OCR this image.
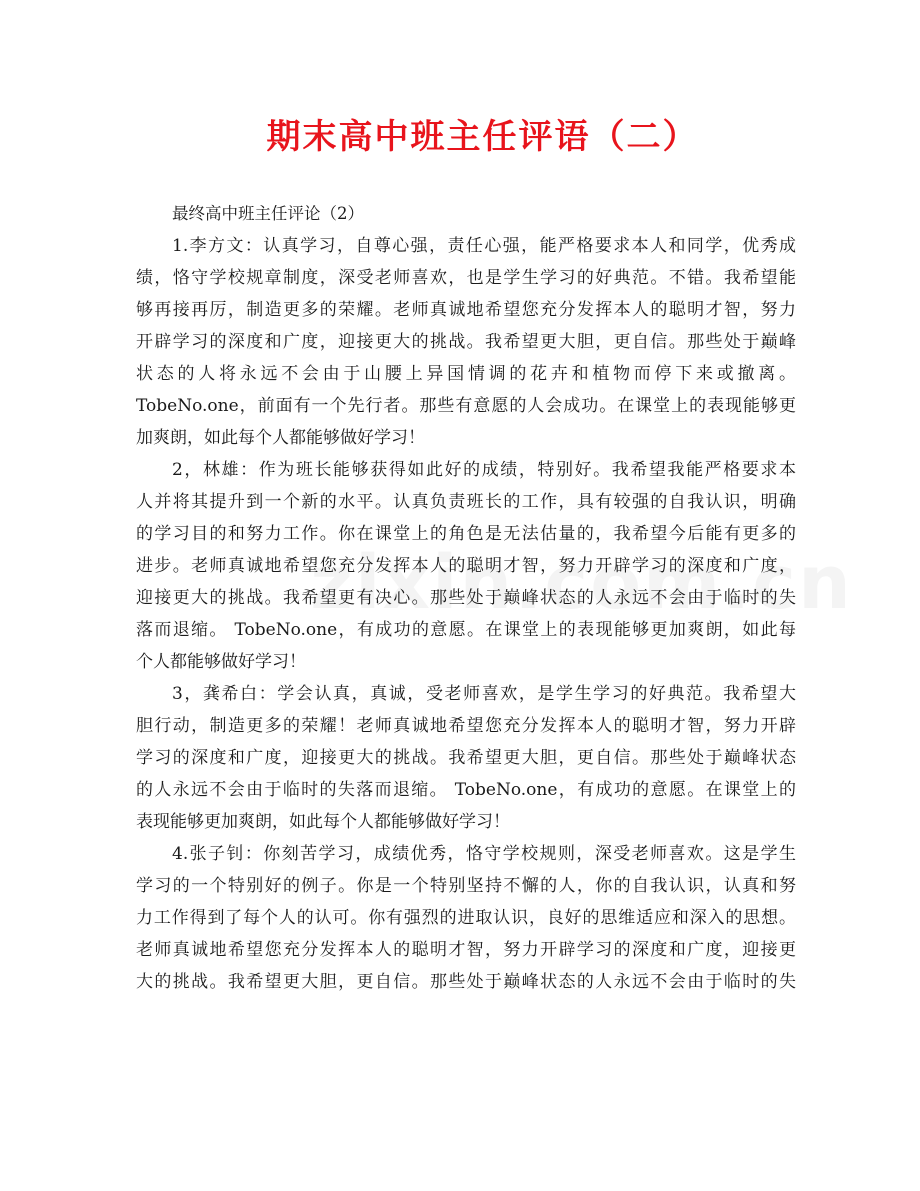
期末高中班主任评语（二）

最终高中班主任评论（2）

1.李方文：认真学习，自尊心强，责任心强，能严格要求本人和同学，优秀成
绩，恪守学校规章制度，深受老师喜欢，也是学生学习的好典范。不错。我希望能
够再接再厉，制造更多的荣耀。老师真诚地希望您充分发挥本人的聪明才智，努力
开辟学习的深度和广度，迎接更大的挑战。我希望更大胆，更自信。那些处于巅峰
状态的人将永远不会由于山腰上异国情调的花卉和植物而停下来或撤离。
TobeNo.one，前面有一个先行者。那些有意愿的人会成功。在课堂上的表现能够更
加爽朗，如此每个人都能够做好学习！
2，林雄：作为班长能够获得如此好的成绩，特别好。我希望我能严格要求本
人并将其提升到一个新的水平。认真负责班长的工作，具有较强的自我认识，明确
的学习目的和努力工作。你在课堂上的角色是无法估量的，我希望今后能有更多的
进步。老师真诚地希望您充分发挥本人的聪明才智，努力开辟学习的深度和广度，
迎接更大的挑战。我希望更有决心。那些处于巅峰状态的人永远不会由于临时的失
落而退缩。 TobeNo.one，有成功的意愿。在课堂上的表现能够更加爽朗，如此每
个人都能够做好学习！
3，龚希白：学会认真，真诚，受老师喜欢，是学生学习的好典范。我希望大
胆行动，制造更多的荣耀！老师真诚地希望您充分发挥本人的聪明才智，努力开辟
学习的深度和广度，迎接更大的挑战。我希望更大胆，更自信。那些处于巅峰状态
的人永远不会由于临时的失落而退缩。 TobeNo.one，有成功的意愿。在课堂上的
表现能够更加爽朗，如此每个人都能够做好学习！
4.张子钊：你刻苦学习，成绩优秀，恪守学校规则，深受老师喜欢。这是学生
学习的一个特别好的例子。你是一个特别坚持不懈的人，你的自我认识，认真和努
力工作得到了每个人的认可。你有强烈的进取认识，良好的思维适应和深入的思想。
老师真诚地希望您充分发挥本人的聪明才智，努力开辟学习的深度和广度，迎接更
大的挑战。我希望更大胆，更自信。那些处于巅峰状态的人永远不会由于临时的失
